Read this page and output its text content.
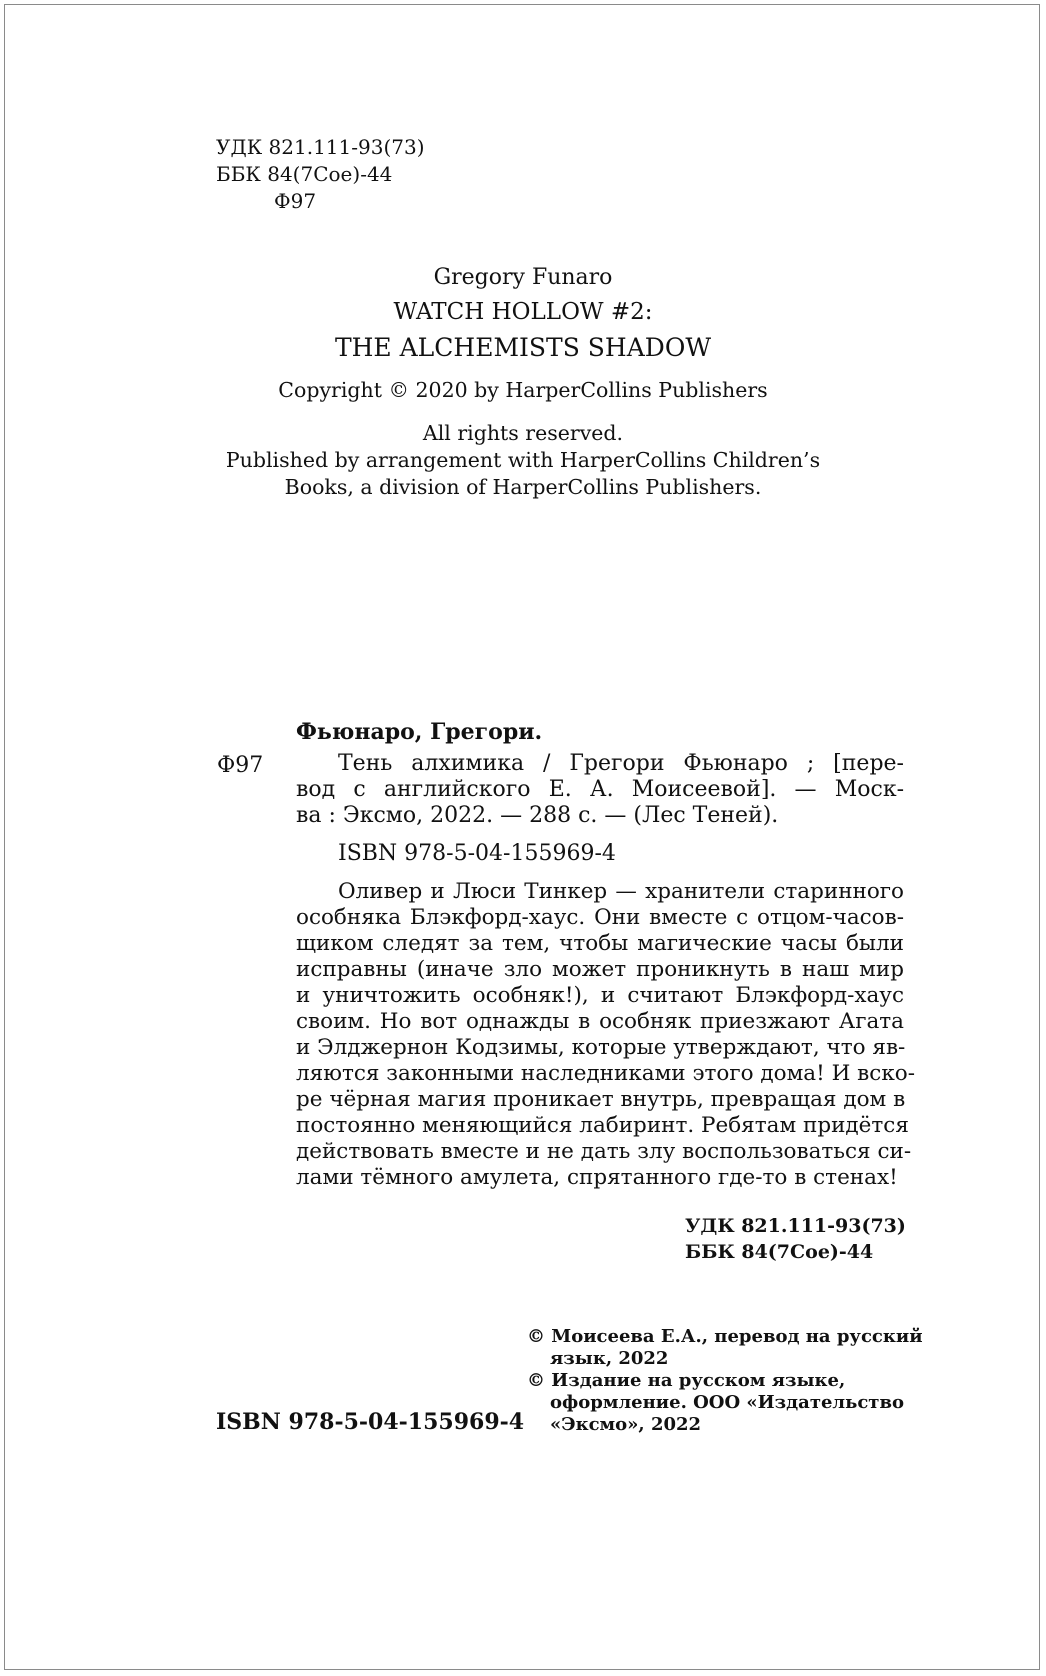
УДК 821.111-93(73)
ББК 84(7Сое)-44
Ф97
Gregory Funaro
WATCH HOLLOW #2:
THE ALCHEMISTS SHADOW
Copyright © 2020 by HarperCollins Publishers
All rights reserved.
Published by arrangement with HarperCollins Children’s
Books, a division of HarperCollins Publishers.
Фьюнаро, Грегори.
Ф97	Тень алхимика / Грегори Фьюнаро ; [пере-
вод с английского Е. А. Моисеевой]. — Моск-
ва : Эксмо, 2022. — 288 с. — (Лес Теней).
ISBN 978-5-04-155969-4
Оливер и Люси Тинкер — хранители старинного
особняка Блэкфорд-хаус. Они вместе с отцом-часов-
щиком следят за тем, чтобы магические часы были
исправны (иначе зло может проникнуть в наш мир
и уничтожить особняк!), и считают Блэкфорд-хаус
своим. Но вот однажды в особняк приезжают Агата
и Элджернон Кодзимы, которые утверждают, что яв-
ляются законными наследниками этого дома! И вско-
ре чёрная магия проникает внутрь, превращая дом в
постоянно меняющийся лабиринт. Ребятам придётся
действовать вместе и не дать злу воспользоваться си-
лами тёмного амулета, спрятанного где-то в стенах!
УДК 821.111-93(73)
ББК 84(7Сое)-44
© Моисеева Е.А., перевод на русский
язык, 2022
© Издание на русском языке,
оформление. ООО «Издательство
«Эксмо», 2022
ISBN 978-5-04-155969-4
